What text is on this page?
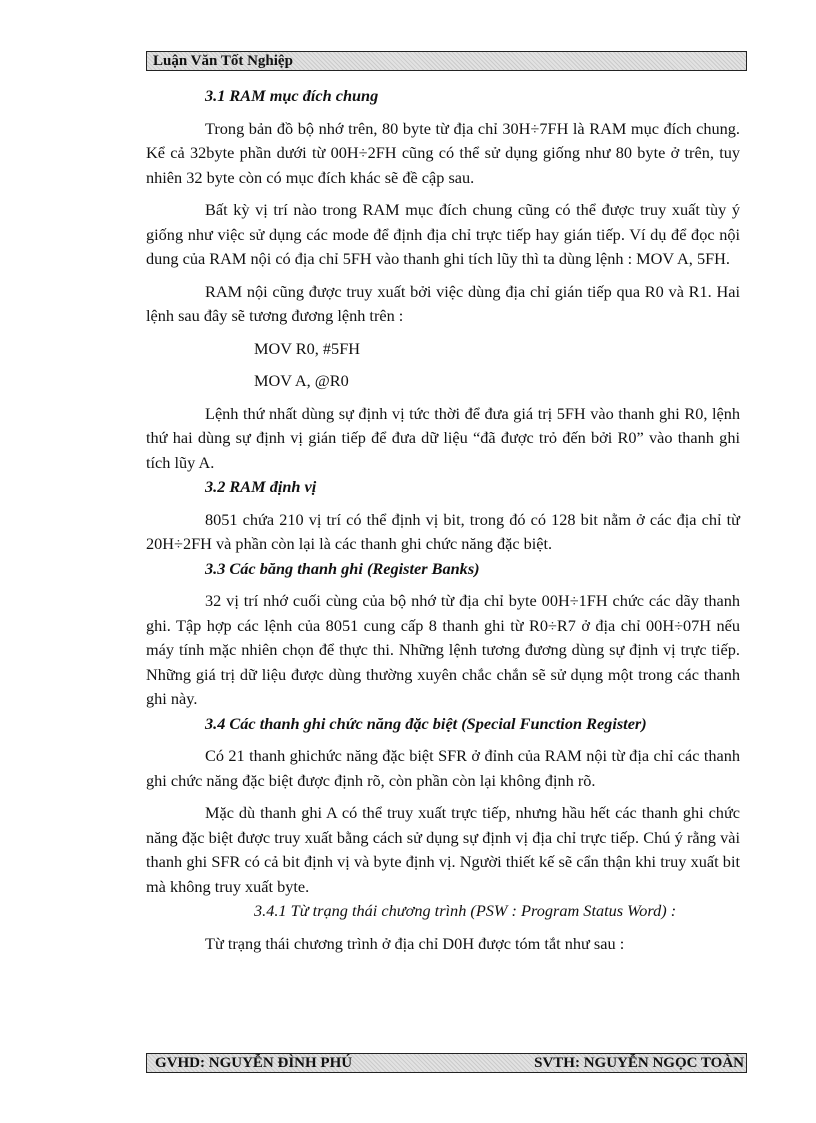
Luận Văn Tốt Nghiệp

3.1 RAM mục đích chung

Trong bản đồ bộ nhớ trên, 80 byte từ địa chỉ 30H÷7FH là RAM mục đích chung. Kể cả 32byte phần dưới từ 00H÷2FH cũng có thể sử dụng giống như 80 byte ở trên, tuy nhiên 32 byte còn có mục đích khác sẽ đề cập sau.

Bất kỳ vị trí nào trong RAM mục đích chung cũng có thể được truy xuất tùy ý giống như việc sử dụng các mode để định địa chỉ trực tiếp hay gián tiếp. Ví dụ để đọc nội dung của RAM nội có địa chỉ 5FH vào thanh ghi tích lũy thì ta dùng lệnh : MOV A, 5FH.

RAM nội cũng được truy xuất bởi việc dùng địa chỉ gián tiếp qua R0 và R1. Hai lệnh sau đây sẽ tương đương lệnh trên :

MOV R0, #5FH

MOV A, @R0

Lệnh thứ nhất dùng sự định vị tức thời để đưa giá trị 5FH vào thanh ghi R0, lệnh thứ hai dùng sự định vị gián tiếp để đưa dữ liệu “đã được trỏ đến bởi R0” vào thanh ghi tích lũy A.

3.2 RAM định vị

8051 chứa 210 vị trí có thể định vị bit, trong đó có 128 bit nằm ở các địa chỉ từ 20H÷2FH và phần còn lại là các thanh ghi chức năng đặc biệt.

3.3 Các băng thanh ghi (Register Banks)

32 vị trí nhớ cuối cùng của bộ nhớ từ địa chỉ byte 00H÷1FH chức các dãy thanh ghi. Tập hợp các lệnh của 8051 cung cấp 8 thanh ghi từ R0÷R7 ở địa chỉ 00H÷07H nếu máy tính mặc nhiên chọn để thực thi. Những lệnh tương đương dùng sự định vị trực tiếp. Những giá trị dữ liệu được dùng thường xuyên chắc chắn sẽ sử dụng một trong các thanh ghi này.

3.4 Các thanh ghi chức năng đặc biệt (Special Function Register)

Có 21 thanh ghichức năng đặc biệt SFR ở đỉnh của RAM nội từ địa chỉ các thanh ghi chức năng đặc biệt được định rõ, còn phần còn lại không định rõ.

Mặc dù thanh ghi A có thể truy xuất trực tiếp, nhưng hầu hết các thanh ghi chức năng đặc biệt được truy xuất bằng cách sử dụng sự định vị địa chỉ trực tiếp. Chú ý rằng vài thanh ghi SFR có cả bit định vị và byte định vị. Người thiết kế sẽ cẩn thận khi truy xuất bit mà không truy xuất byte.

3.4.1 Từ trạng thái chương trình (PSW : Program Status Word) :

Từ trạng thái chương trình ở địa chỉ D0H được tóm tắt như sau :

GVHD: NGUYỄN ĐÌNH PHÚ	SVTH: NGUYỄN NGỌC TOÀN
